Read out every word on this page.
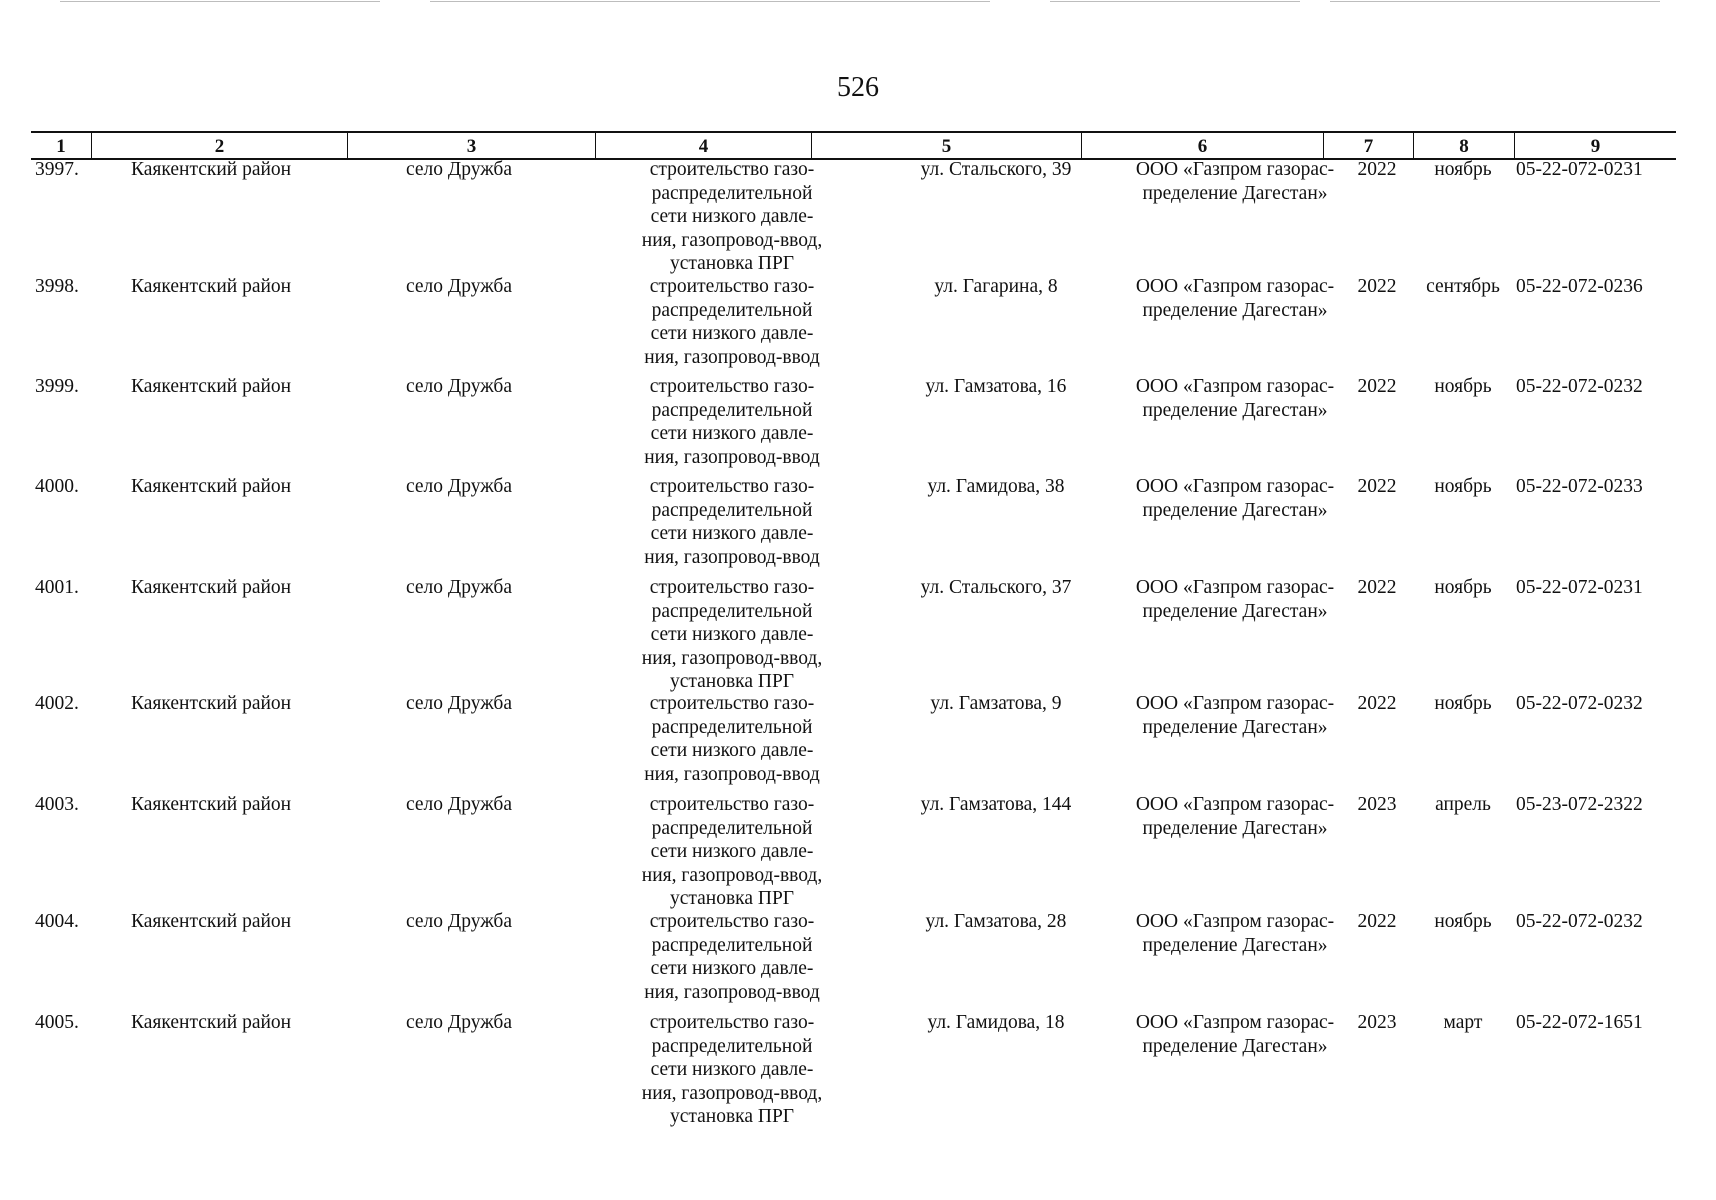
526
1	2	3	4	5	6	7	8	9
3997.	Каякентский район	село Дружба	строительство газо-
распределительной
сети низкого давле-
ния, газопровод-ввод,
установка ПРГ
ул. Стальского, 39	ООО «Газпром газорас-
пределение Дагестан»
2022	ноябрь	05-22-072-0231
3998.	Каякентский район	село Дружба	строительство газо-
распределительной
сети низкого давле-
ния, газопровод-ввод
ул. Гагарина, 8	ООО «Газпром газорас-
пределение Дагестан»
2022	сентябрь 05-22-072-0236
3999.	Каякентский район	село Дружба	строительство газо-
распределительной
сети низкого давле-
ния, газопровод-ввод
ул. Гамзатова, 16	ООО «Газпром газорас-
пределение Дагестан»
2022	ноябрь	05-22-072-0232
4000.	Каякентский район	село Дружба	строительство газо-
распределительной
сети низкого давле-
ния, газопровод-ввод
ул. Гамидова, 38	ООО «Газпром газорас-
пределение Дагестан»
2022	ноябрь	05-22-072-0233
4001.	Каякентский район	село Дружба	строительство газо-
распределительной
сети низкого давле-
ния, газопровод-ввод,
установка ПРГ
ул. Стальского, 37	ООО «Газпром газорас-
пределение Дагестан»
2022	ноябрь	05-22-072-0231
4002.	Каякентский район	село Дружба	строительство газо-
распределительной
сети низкого давле-
ния, газопровод-ввод
ул. Гамзатова, 9	ООО «Газпром газорас-
пределение Дагестан»
2022	ноябрь	05-22-072-0232
4003.	Каякентский район	село Дружба	строительство газо-
распределительной
сети низкого давле-
ния, газопровод-ввод,
установка ПРГ
ул. Гамзатова, 144	ООО «Газпром газорас-
пределение Дагестан»
2023	апрель	05-23-072-2322
4004.	Каякентский район	село Дружба	строительство газо-
распределительной
сети низкого давле-
ния, газопровод-ввод
ул. Гамзатова, 28	ООО «Газпром газорас-
пределение Дагестан»
2022	ноябрь	05-22-072-0232
4005.	Каякентский район	село Дружба	строительство газо-
распределительной
сети низкого давле-
ния, газопровод-ввод,
установка ПРГ
ул. Гамидова, 18	ООО «Газпром газорас-
пределение Дагестан»
2023	март	05-22-072-1651
